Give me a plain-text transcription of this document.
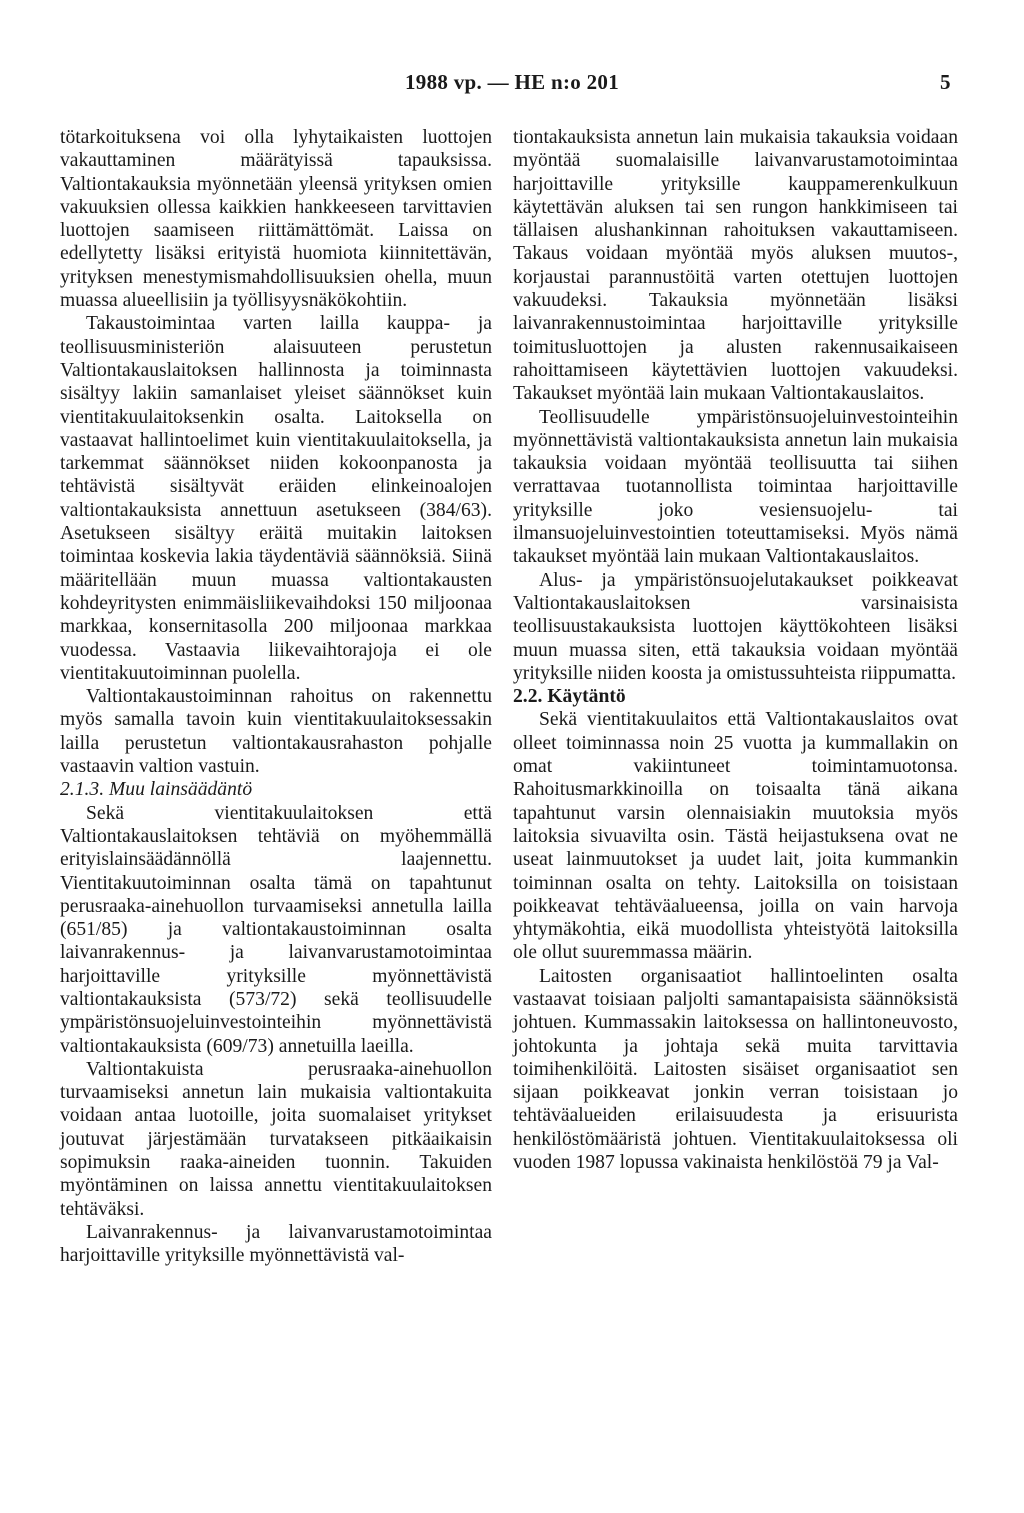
1988 vp. — HE n:o 201	5

tötarkoituksena voi olla lyhytaikaisten luottojen vakauttaminen määrätyissä tapauksissa. Valtiontakauksia myönnetään yleensä yrityksen omien vakuuksien ollessa kaikkien hankkeeseen tarvittavien luottojen saamiseen riittämättömät. Laissa on edellytetty lisäksi erityistä huomiota kiinnitettävän, yrityksen menestymismahdollisuuksien ohella, muun muassa alueellisiin ja työllisyysnäkökohtiin.

Takaustoimintaa varten lailla kauppa- ja teollisuusministeriön alaisuuteen perustetun Valtiontakauslaitoksen hallinnosta ja toiminnasta sisältyy lakiin samanlaiset yleiset säännökset kuin vientitakuulaitoksenkin osalta. Laitoksella on vastaavat hallintoelimet kuin vientitakuulaitoksella, ja tarkemmat säännökset niiden kokoonpanosta ja tehtävistä sisältyvät eräiden elinkeinoalojen valtiontakauksista annettuun asetukseen (384/63). Asetukseen sisältyy eräitä muitakin laitoksen toimintaa koskevia lakia täydentäviä säännöksiä. Siinä määritellään muun muassa valtiontakausten kohdeyritysten enimmäisliikevaihdoksi 150 miljoonaa markkaa, konsernitasolla 200 miljoonaa markkaa vuodessa. Vastaavia liikevaihtorajoja ei ole vientitakuutoiminnan puolella.

Valtiontakaustoiminnan rahoitus on rakennettu myös samalla tavoin kuin vientitakuulaitoksessakin lailla perustetun valtiontakausrahaston pohjalle vastaavin valtion vastuin.

2.1.3. Muu lainsäädäntö

Sekä vientitakuulaitoksen että Valtiontakauslaitoksen tehtäviä on myöhemmällä erityislainsäädännöllä laajennettu. Vientitakuutoiminnan osalta tämä on tapahtunut perusraaka-ainehuollon turvaamiseksi annetulla lailla (651/85) ja valtiontakaustoiminnan osalta laivanrakennus- ja laivanvarustamotoimintaa harjoittaville yrityksille myönnettävistä valtiontakauksista (573/72) sekä teollisuudelle ympäristönsuojeluinvestointeihin myönnettävistä valtiontakauksista (609/73) annetuilla laeilla.

Valtiontakuista perusraaka-ainehuollon turvaamiseksi annetun lain mukaisia valtiontakuita voidaan antaa luotoille, joita suomalaiset yritykset joutuvat järjestämään turvatakseen pitkäaikaisin sopimuksin raaka-aineiden tuonnin. Takuiden myöntäminen on laissa annettu vientitakuulaitoksen tehtäväksi.

Laivanrakennus- ja laivanvarustamotoimintaa harjoittaville yrityksille myönnettävistä val-

tiontakauksista annetun lain mukaisia takauksia voidaan myöntää suomalaisille laivanvarustamotoimintaa harjoittaville yrityksille kauppamerenkulkuun käytettävän aluksen tai sen rungon hankkimiseen tai tällaisen alushankinnan rahoituksen vakauttamiseen. Takaus voidaan myöntää myös aluksen muutos-, korjaustai parannustöitä varten otettujen luottojen vakuudeksi. Takauksia myönnetään lisäksi laivanrakennustoimintaa harjoittaville yrityksille toimitusluottojen ja alusten rakennusaikaiseen rahoittamiseen käytettävien luottojen vakuudeksi. Takaukset myöntää lain mukaan Valtiontakauslaitos.

Teollisuudelle ympäristönsuojeluinvestointeihin myönnettävistä valtiontakauksista annetun lain mukaisia takauksia voidaan myöntää teollisuutta tai siihen verrattavaa tuotannollista toimintaa harjoittaville yrityksille joko vesiensuojelu- tai ilmansuojeluinvestointien toteuttamiseksi. Myös nämä takaukset myöntää lain mukaan Valtiontakauslaitos.

Alus- ja ympäristönsuojelutakaukset poikkeavat Valtiontakauslaitoksen varsinaisista teollisuustakauksista luottojen käyttökohteen lisäksi muun muassa siten, että takauksia voidaan myöntää yrityksille niiden koosta ja omistussuhteista riippumatta.

2.2. Käytäntö

Sekä vientitakuulaitos että Valtiontakauslaitos ovat olleet toiminnassa noin 25 vuotta ja kummallakin on omat vakiintuneet toimintamuotonsa. Rahoitusmarkkinoilla on toisaalta tänä aikana tapahtunut varsin olennaisiakin muutoksia myös laitoksia sivuavilta osin. Tästä heijastuksena ovat ne useat lainmuutokset ja uudet lait, joita kummankin toiminnan osalta on tehty. Laitoksilla on toisistaan poikkeavat tehtäväalueensa, joilla on vain harvoja yhtymäkohtia, eikä muodollista yhteistyötä laitoksilla ole ollut suuremmassa määrin.

Laitosten organisaatiot hallintoelinten osalta vastaavat toisiaan paljolti samantapaisista säännöksistä johtuen. Kummassakin laitoksessa on hallintoneuvosto, johtokunta ja johtaja sekä muita tarvittavia toimihenkilöitä. Laitosten sisäiset organisaatiot sen sijaan poikkeavat jonkin verran toisistaan jo tehtäväalueiden erilaisuudesta ja erisuurista henkilöstömääristä johtuen. Vientitakuulaitoksessa oli vuoden 1987 lopussa vakinaista henkilöstöä 79 ja Val-
